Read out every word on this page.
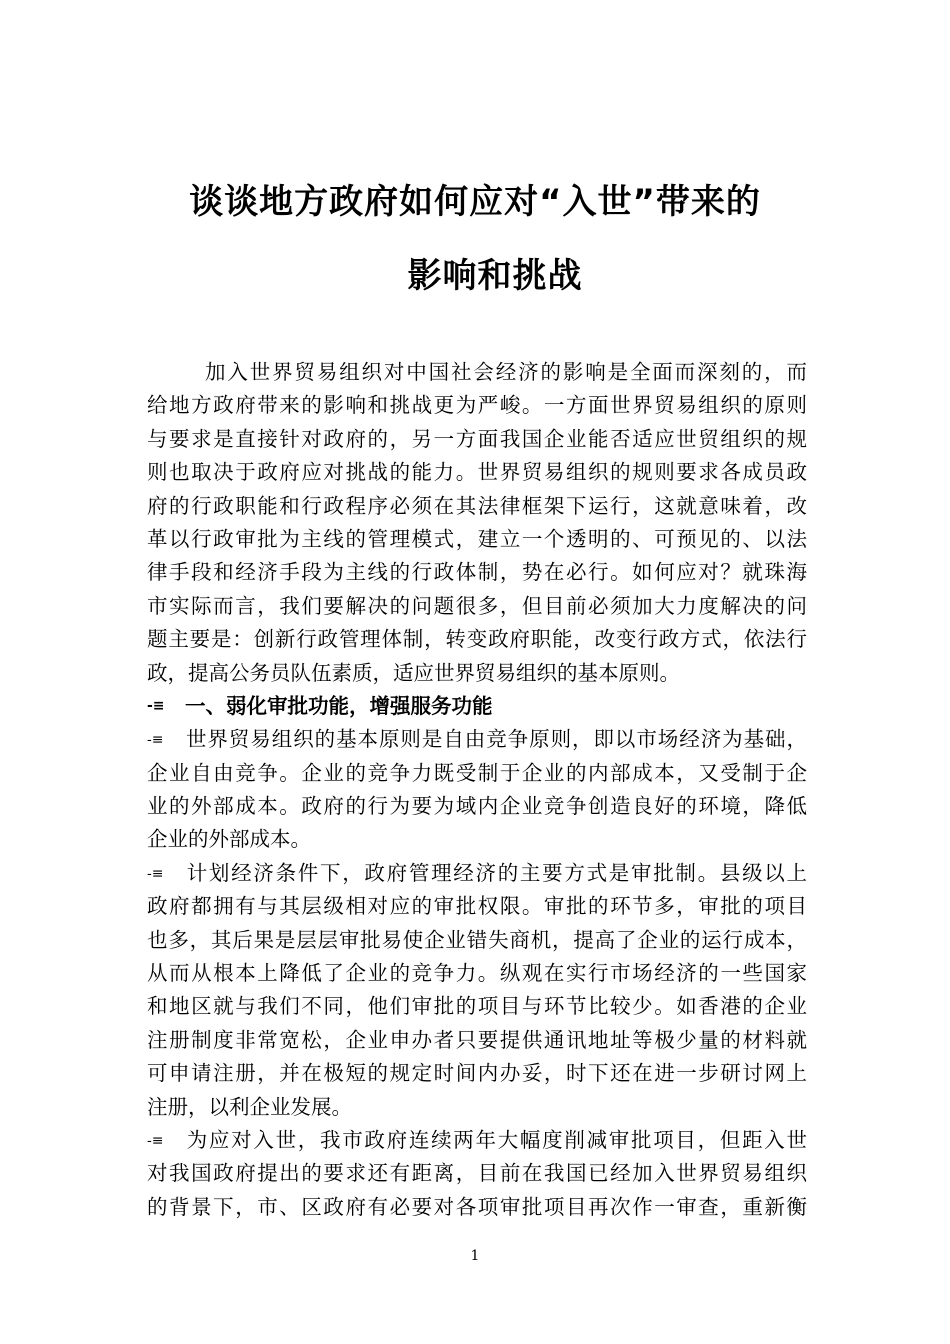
谈谈地方政府如何应对“入世”带来的
影响和挑战
加入世界贸易组织对中国社会经济的影响是全面而深刻的，而
给地方政府带来的影响和挑战更为严峻。一方面世界贸易组织的原则
与要求是直接针对政府的，另一方面我国企业能否适应世贸组织的规
则也取决于政府应对挑战的能力。世界贸易组织的规则要求各成员政
府的行政职能和行政程序必须在其法律框架下运行，这就意味着，改
革以行政审批为主线的管理模式，建立一个透明的、可预见的、以法
律手段和经济手段为主线的行政体制，势在必行。如何应对？就珠海
市实际而言，我们要解决的问题很多，但目前必须加大力度解决的问
题主要是：创新行政管理体制，转变政府职能，改变行政方式，依法行
政，提高公务员队伍素质，适应世界贸易组织的基本原则。
-≡ 一、弱化审批功能，增强服务功能
-≡ 世界贸易组织的基本原则是自由竞争原则，即以市场经济为基础，
企业自由竞争。企业的竞争力既受制于企业的内部成本，又受制于企
业的外部成本。政府的行为要为域内企业竞争创造良好的环境，降低
企业的外部成本。
-≡ 计划经济条件下，政府管理经济的主要方式是审批制。县级以上
政府都拥有与其层级相对应的审批权限。审批的环节多，审批的项目
也多，其后果是层层审批易使企业错失商机，提高了企业的运行成本，
从而从根本上降低了企业的竞争力。纵观在实行市场经济的一些国家
和地区就与我们不同，他们审批的项目与环节比较少。如香港的企业
注册制度非常宽松，企业申办者只要提供通讯地址等极少量的材料就
可申请注册，并在极短的规定时间内办妥，时下还在进一步研讨网上
注册，以利企业发展。
-≡ 为应对入世，我市政府连续两年大幅度削减审批项目，但距入世
对我国政府提出的要求还有距离，目前在我国已经加入世界贸易组织
的背景下，市、区政府有必要对各项审批项目再次作一审查，重新衡
1
